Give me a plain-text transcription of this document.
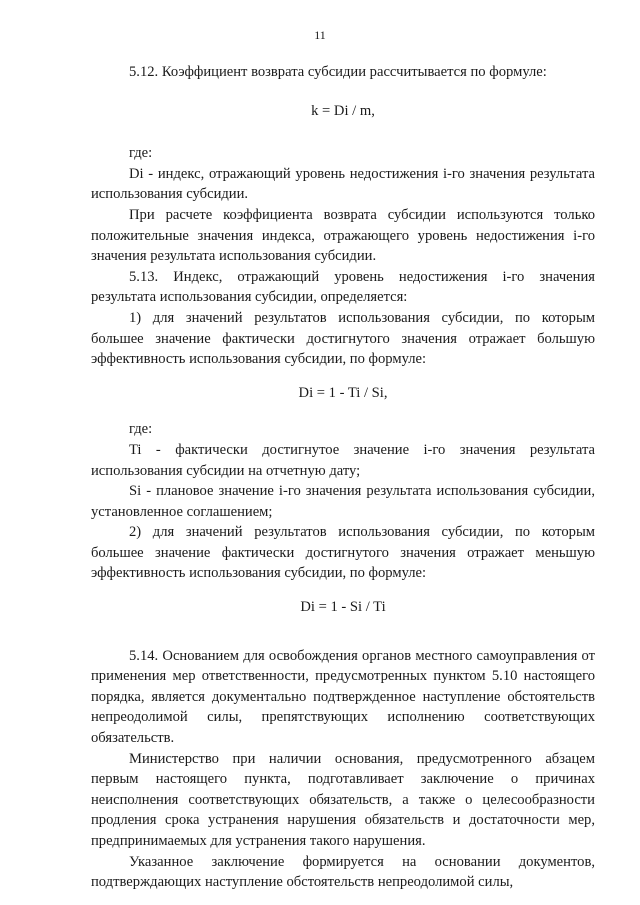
11

5.12. Коэффициент возврата субсидии рассчитывается по формуле:

k = Di / m,

где:

Di - индекс, отражающий уровень недостижения i-го значения результата использования субсидии.

При расчете коэффициента возврата субсидии используются только положительные значения индекса, отражающего уровень недостижения i-го значения результата использования субсидии.

5.13. Индекс, отражающий уровень недостижения i-го значения результата использования субсидии, определяется:

1) для значений результатов использования субсидии, по которым большее значение фактически достигнутого значения отражает большую эффективность использования субсидии, по формуле:

Di = 1 - Ti / Si,

где:

Ti - фактически достигнутое значение i-го значения результата использования субсидии на отчетную дату;

Si - плановое значение i-го значения результата использования субсидии, установленное соглашением;

2) для значений результатов использования субсидии, по которым большее значение фактически достигнутого значения отражает меньшую эффективность использования субсидии, по формуле:

Di = 1 - Si / Ti

5.14. Основанием для освобождения органов местного самоуправления от применения мер ответственности, предусмотренных пунктом 5.10 настоящего порядка, является документально подтвержденное наступление обстоятельств непреодолимой силы, препятствующих исполнению соответствующих обязательств.

Министерство при наличии основания, предусмотренного абзацем первым настоящего пункта, подготавливает заключение о причинах неисполнения соответствующих обязательств, а также о целесообразности продления срока устранения нарушения обязательств и достаточности мер, предпринимаемых для устранения такого нарушения.

Указанное заключение формируется на основании документов, подтверждающих наступление обстоятельств непреодолимой силы,
